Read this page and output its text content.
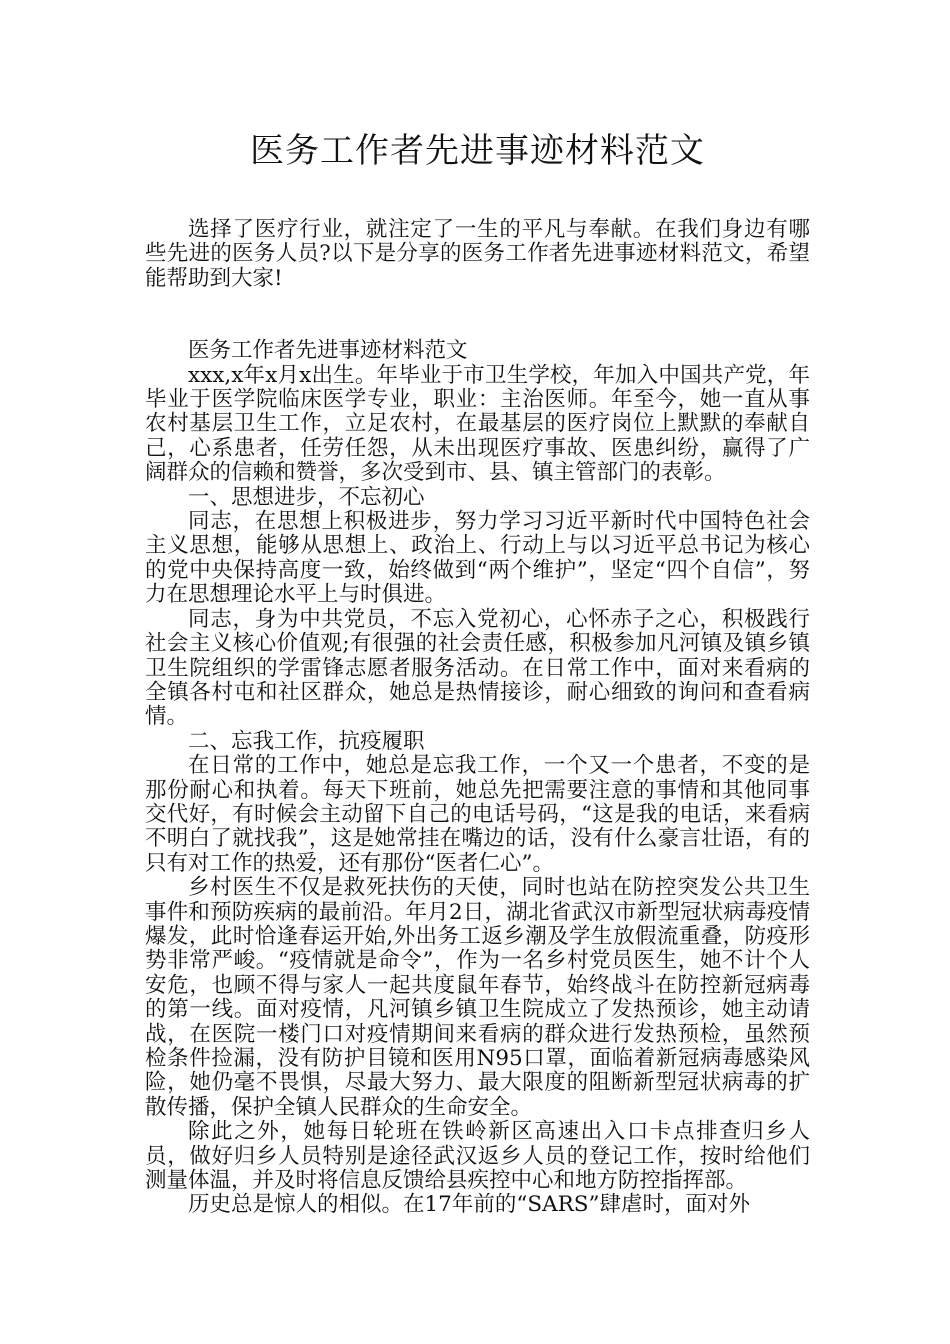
医务工作者先进事迹材料范文

选择了医疗行业，就注定了一生的平凡与奉献。在我们身边有哪些先进的医务人员?以下是分享的医务工作者先进事迹材料范文，希望能帮助到大家!

医务工作者先进事迹材料范文

xxx,x年x月x出生。年毕业于市卫生学校，年加入中国共产党，年毕业于医学院临床医学专业，职业：主治医师。年至今，她一直从事农村基层卫生工作，立足农村，在最基层的医疗岗位上默默的奉献自己，心系患者，任劳任怨，从未出现医疗事故、医患纠纷，赢得了广阔群众的信赖和赞誉，多次受到市、县、镇主管部门的表彰。

一、思想进步，不忘初心

同志，在思想上积极进步，努力学习习近平新时代中国特色社会主义思想，能够从思想上、政治上、行动上与以习近平总书记为核心的党中央保持高度一致，始终做到“两个维护”，坚定“四个自信”，努力在思想理论水平上与时俱进。

同志，身为中共党员，不忘入党初心，心怀赤子之心，积极践行社会主义核心价值观;有很强的社会责任感，积极参加凡河镇及镇乡镇卫生院组织的学雷锋志愿者服务活动。在日常工作中，面对来看病的全镇各村屯和社区群众，她总是热情接诊，耐心细致的询问和查看病情。

二、忘我工作，抗疫履职

在日常的工作中，她总是忘我工作，一个又一个患者，不变的是那份耐心和执着。每天下班前，她总先把需要注意的事情和其他同事交代好，有时候会主动留下自己的电话号码，“这是我的电话，来看病不明白了就找我”，这是她常挂在嘴边的话，没有什么豪言壮语，有的只有对工作的热爱，还有那份“医者仁心”。

乡村医生不仅是救死扶伤的天使，同时也站在防控突发公共卫生事件和预防疾病的最前沿。年月2日，湖北省武汉市新型冠状病毒疫情爆发，此时恰逢春运开始,外出务工返乡潮及学生放假流重叠，防疫形势非常严峻。“疫情就是命令”，作为一名乡村党员医生，她不计个人安危，也顾不得与家人一起共度鼠年春节，始终战斗在防控新冠病毒的第一线。面对疫情，凡河镇乡镇卫生院成立了发热预诊，她主动请战，在医院一楼门口对疫情期间来看病的群众进行发热预检，虽然预检条件捡漏，没有防护目镜和医用N95口罩，面临着新冠病毒感染风险，她仍毫不畏惧，尽最大努力、最大限度的阻断新型冠状病毒的扩散传播，保护全镇人民群众的生命安全。

除此之外，她每日轮班在铁岭新区高速出入口卡点排查归乡人员，做好归乡人员特别是途径武汉返乡人员的登记工作，按时给他们测量体温，并及时将信息反馈给县疾控中心和地方防控指挥部。

历史总是惊人的相似。在17年前的“SARS”肆虐时，面对外
